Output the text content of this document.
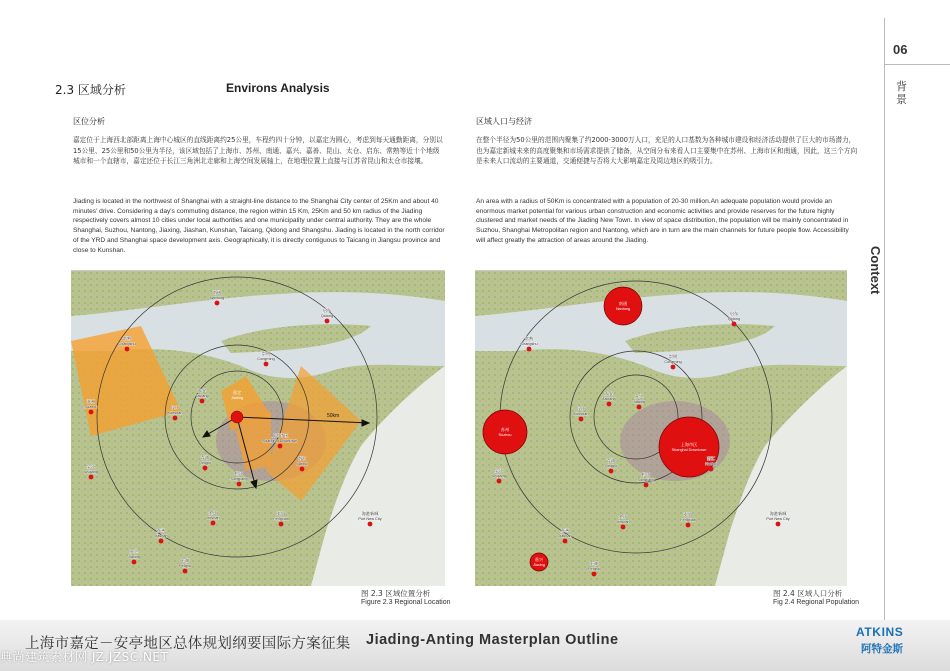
06
背景
Context
2.3 区域分析	Environs Analysis
区位分析
嘉定位于上海西北部距离上海中心城区的直线距离约25公里，车程约四十分钟，以嘉定为圆心，考虑到每天通勤距离，分别以15公里、25公里和50公里为半径，该区域包括了上海市、苏州、南通、嘉兴、嘉善、昆山、太仓、启东、常熟等近十个地级城市和一个直辖市，嘉定还位于长江三角洲北走廊和上海空间发展轴上，在地理位置上直接与江苏省昆山和太仓市接壤。
Jiading is located in the northwest of Shanghai with a straight-line distance to the Shanghai City center of 25Km and about 40 minutes' drive. Considering a day's commuting distance, the region within 15 Km, 25Km and 50 km radius of the Jiading respectively covers almost 10 cities under local authorities and one municipality under central authority. They are the whole Shanghai, Suzhou, Nantong, Jiaxing, Jiashan, Kunshan, Taicang, Qidong and Shangshu. Jiading is located in the north corridor of the YRD and Shanghai space development axis. Geographically, it is directly contiguous to Taicang in Jiangsu province and close to Kunshan.
区域人口与经济
在整个半径为50公里的范围内聚集了约2000-3000万人口，充足的人口基数为各种城市建设和经济活动提供了巨大的市场潜力，也为嘉定新城未来的高度聚集和市场需求提供了储备，从空间分布来看人口主要集中在苏州、上海市区和南通，因此，这三个方向是未来人口流动的主要通道，交通便捷与否将大大影响嘉定及周边地区的吸引力。
An area with a radius of 50Km is concentrated with a population of 20-30 million.An adequate population would provide an enormous market potential for various urban construction and economic activities and provide reserves for the future highly clustered and market needs of the Jiading New Town. In view of space distribution, the population will be mainly concentrated in Suzhou, Shanghai Metropolitan region and Nantong, which are in turn are the main channels for future people flow. Accessibility will affect greatly the attraction of areas around the Jiading.
50km
南通
Nantong
启东
Qidong
常熟
Changshu
崇明
Congming
苏州
Suzhou
太仓
Taicang
昆山
Kunshan
嘉定
Jiading
上海市区
Shanghai Downtown
青浦
Qingpu
吴江
Wujiang
南汇
Nanhui
松江
Songjiang
金山
Jinshan
奉贤
Fengxian
嘉善
Jiashan
海港新城
Port New City
嘉兴
Jiaxing
平湖
Pinghu
图 2.3 区域位置分析
Figure 2.3 Regional Location
南通
Nantong
启东
Qidong
常熟
Changshu
崇明
Congming
苏州
Suzhou
太仓
Taicang
昆山
Kunshan
嘉定
Jiading
上海市区
Shanghai Downtown
青浦
Qingpu
吴江
Wujiang
南汇
Nanhui
松江
Songjiang
金山
Jinshan
奉贤
Fengxian
嘉善
Jiashan
海港新城
Port New City
嘉兴
Jiaxing	平湖
Pinghu
图 2.4 区域人口分析
Fig 2.4 Regional Population
上海市嘉定－安亭地区总体规划纲要国际方案征集 Jiading-Anting Masterplan Outline	ATKINS
阿特金斯
典尚建筑素材网 JZ.JZSC.NET
